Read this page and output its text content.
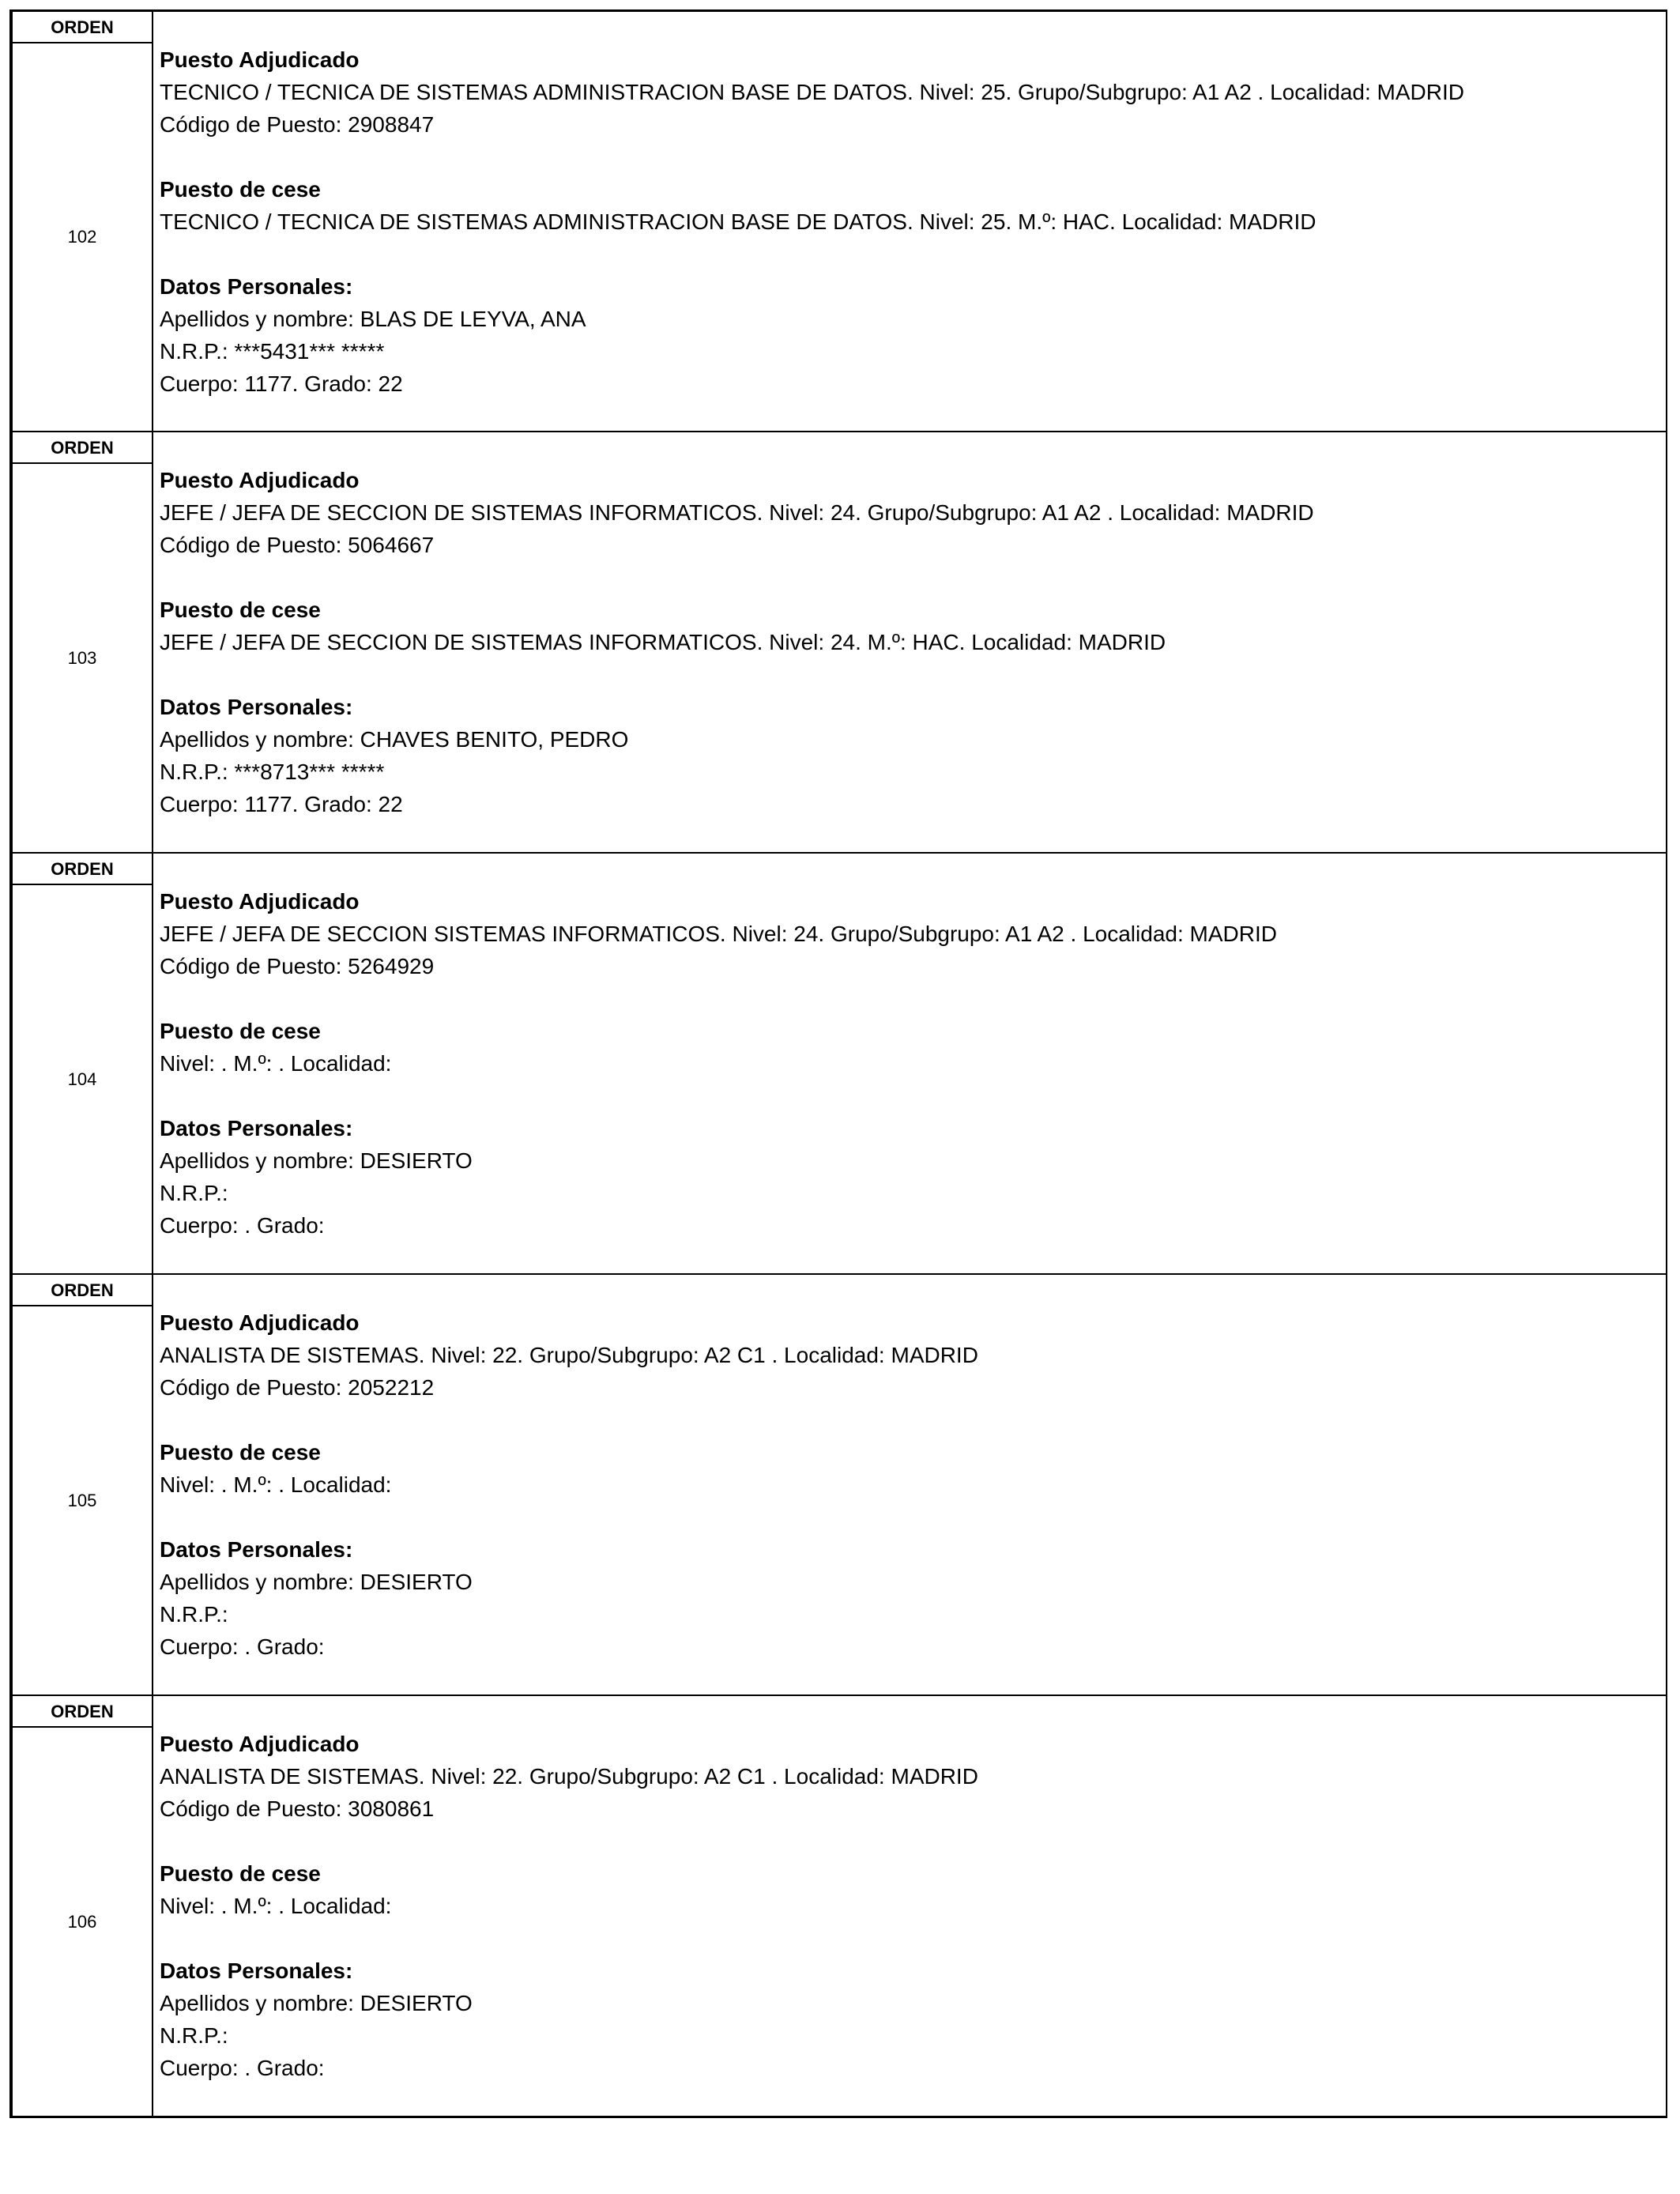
ORDEN
102
Puesto Adjudicado
TECNICO / TECNICA DE SISTEMAS ADMINISTRACION BASE DE DATOS. Nivel: 25. Grupo/Subgrupo: A1 A2 . Localidad: MADRID
Código de Puesto: 2908847
Puesto de cese
TECNICO / TECNICA DE SISTEMAS ADMINISTRACION BASE DE DATOS. Nivel: 25. M.º: HAC. Localidad: MADRID
Datos Personales:
Apellidos y nombre: BLAS DE LEYVA, ANA
N.R.P.: ***5431*** *****
Cuerpo: 1177. Grado: 22
ORDEN
103
Puesto Adjudicado
JEFE / JEFA DE SECCION DE SISTEMAS INFORMATICOS. Nivel: 24. Grupo/Subgrupo: A1 A2 . Localidad: MADRID
Código de Puesto: 5064667
Puesto de cese
JEFE / JEFA DE SECCION DE SISTEMAS INFORMATICOS. Nivel: 24. M.º: HAC. Localidad: MADRID
Datos Personales:
Apellidos y nombre: CHAVES BENITO, PEDRO
N.R.P.: ***8713*** *****
Cuerpo: 1177. Grado: 22
ORDEN
104
Puesto Adjudicado
JEFE / JEFA DE SECCION SISTEMAS INFORMATICOS. Nivel: 24. Grupo/Subgrupo: A1 A2 . Localidad: MADRID
Código de Puesto: 5264929
Puesto de cese
Nivel: . M.º: . Localidad:
Datos Personales:
Apellidos y nombre: DESIERTO
N.R.P.:
Cuerpo: . Grado:
ORDEN
105
Puesto Adjudicado
ANALISTA DE SISTEMAS. Nivel: 22. Grupo/Subgrupo: A2 C1 . Localidad: MADRID
Código de Puesto: 2052212
Puesto de cese
Nivel: . M.º: . Localidad:
Datos Personales:
Apellidos y nombre: DESIERTO
N.R.P.:
Cuerpo: . Grado:
ORDEN
106
Puesto Adjudicado
ANALISTA DE SISTEMAS. Nivel: 22. Grupo/Subgrupo: A2 C1 . Localidad: MADRID
Código de Puesto: 3080861
Puesto de cese
Nivel: . M.º: . Localidad:
Datos Personales:
Apellidos y nombre: DESIERTO
N.R.P.:
Cuerpo: . Grado:
